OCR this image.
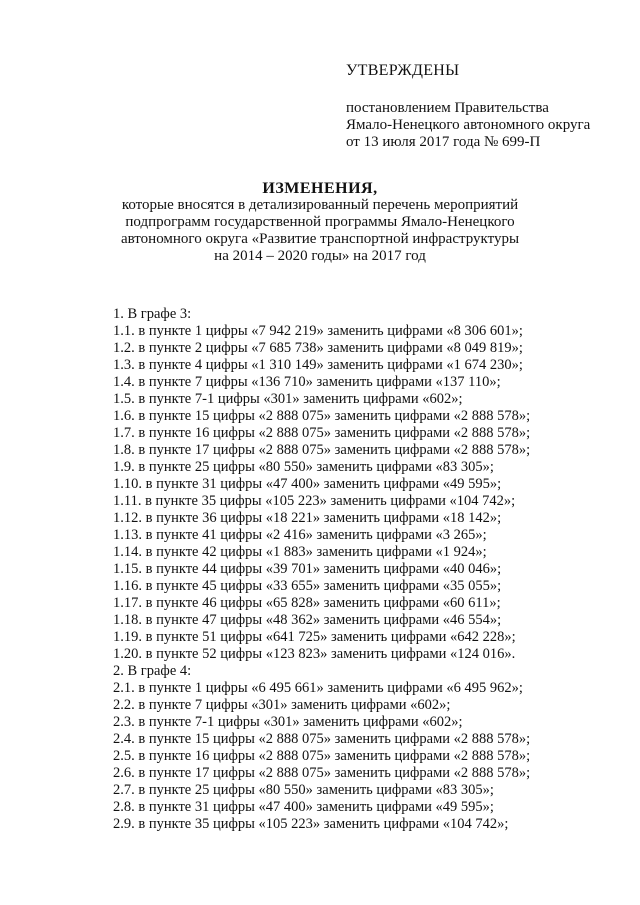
УТВЕРЖДЕНЫ
постановлением Правительства
Ямало-Ненецкого автономного округа
от 13 июля 2017 года № 699-П
ИЗМЕНЕНИЯ,
которые вносятся в детализированный перечень мероприятий
подпрограмм государственной программы Ямало-Ненецкого
автономного округа «Развитие транспортной инфраструктуры
на 2014 – 2020 годы» на 2017 год
1. В графе 3:
1.1. в пункте 1 цифры «7 942 219» заменить цифрами «8 306 601»;
1.2. в пункте 2 цифры «7 685 738» заменить цифрами «8 049 819»;
1.3. в пункте 4 цифры «1 310 149» заменить цифрами «1 674 230»;
1.4. в пункте 7 цифры «136 710» заменить цифрами «137 110»;
1.5. в пункте 7-1 цифры «301» заменить цифрами «602»;
1.6. в пункте 15 цифры «2 888 075» заменить цифрами «2 888 578»;
1.7. в пункте 16 цифры «2 888 075» заменить цифрами «2 888 578»;
1.8. в пункте 17 цифры «2 888 075» заменить цифрами «2 888 578»;
1.9. в пункте 25 цифры «80 550» заменить цифрами «83 305»;
1.10. в пункте 31 цифры «47 400» заменить цифрами «49 595»;
1.11. в пункте 35 цифры «105 223» заменить цифрами «104 742»;
1.12. в пункте 36 цифры «18 221» заменить цифрами «18 142»;
1.13. в пункте 41 цифры «2 416» заменить цифрами «3 265»;
1.14. в пункте 42 цифры «1 883» заменить цифрами «1 924»;
1.15. в пункте 44 цифры «39 701» заменить цифрами «40 046»;
1.16. в пункте 45 цифры «33 655» заменить цифрами «35 055»;
1.17. в пункте 46 цифры «65 828» заменить цифрами «60 611»;
1.18. в пункте 47 цифры «48 362» заменить цифрами «46 554»;
1.19. в пункте 51 цифры «641 725» заменить цифрами «642 228»;
1.20. в пункте 52 цифры «123 823» заменить цифрами «124 016».
2. В графе 4:
2.1. в пункте 1 цифры «6 495 661» заменить цифрами «6 495 962»;
2.2. в пункте 7 цифры «301» заменить цифрами «602»;
2.3. в пункте 7-1 цифры «301» заменить цифрами «602»;
2.4. в пункте 15 цифры «2 888 075» заменить цифрами «2 888 578»;
2.5. в пункте 16 цифры «2 888 075» заменить цифрами «2 888 578»;
2.6. в пункте 17 цифры «2 888 075» заменить цифрами «2 888 578»;
2.7. в пункте 25 цифры «80 550» заменить цифрами «83 305»;
2.8. в пункте 31 цифры «47 400» заменить цифрами «49 595»;
2.9. в пункте 35 цифры «105 223» заменить цифрами «104 742»;
